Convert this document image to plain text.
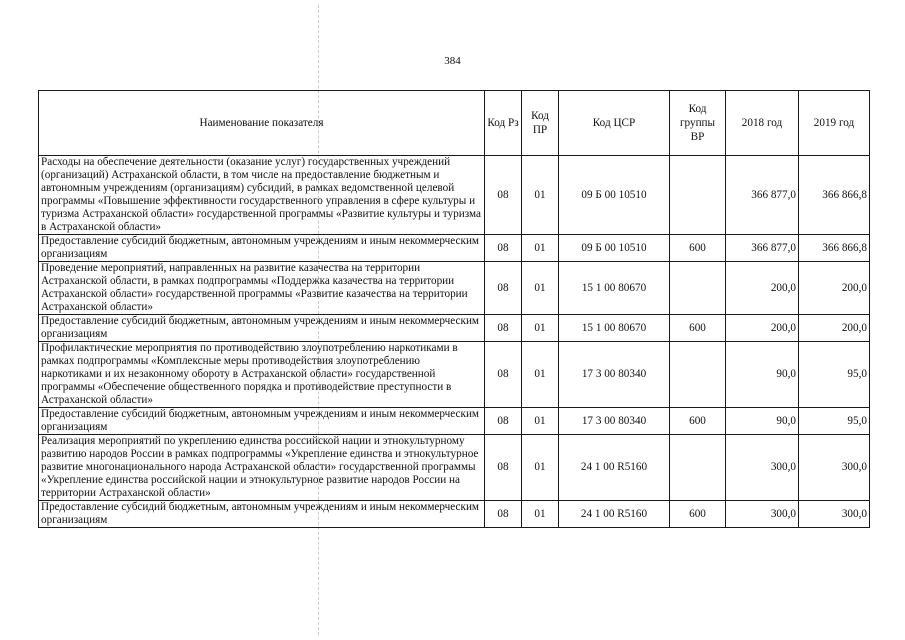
384
Наименование показателя	Код Рз	Код ПР	Код ЦСР	Код группы ВР	2018 год	2019 год
Расходы на обеспечение деятельности (оказание услуг) государственных учреждений (организаций) Астраханской области, в том числе на предоставление бюджетным и автономным учреждениям (организациям) субсидий, в рамках ведомственной целевой программы «Повышение эффективности государственного управления в сфере культуры и туризма Астраханской области» государственной программы «Развитие культуры и туризма в Астраханской области»	08	01	09 Б 00 10510		366 877,0	366 866,8
Предоставление субсидий бюджетным, автономным учреждениям и иным некоммерческим организациям	08	01	09 Б 00 10510	600	366 877,0	366 866,8
Проведение мероприятий, направленных на развитие казачества на территории Астраханской области, в рамках подпрограммы «Поддержка казачества на территории Астраханской области» государственной программы «Развитие казачества на территории Астраханской области»	08	01	15 1 00 80670		200,0	200,0
Предоставление субсидий бюджетным, автономным учреждениям и иным некоммерческим организациям	08	01	15 1 00 80670	600	200,0	200,0
Профилактические мероприятия по противодействию злоупотреблению наркотиками в рамках подпрограммы «Комплексные меры противодействия злоупотреблению наркотиками и их незаконному обороту в Астраханской области» государственной программы «Обеспечение общественного порядка и противодействие преступности в Астраханской области»	08	01	17 3 00 80340		90,0	95,0
Предоставление субсидий бюджетным, автономным учреждениям и иным некоммерческим организациям	08	01	17 3 00 80340	600	90,0	95,0
Реализация мероприятий по укреплению единства российской нации и этнокультурному развитию народов России в рамках подпрограммы «Укрепление единства и этнокультурное развитие многонационального народа Астраханской области» государственной программы «Укрепление единства российской нации и этнокультурное развитие народов России на территории Астраханской области»	08	01	24 1 00 R5160		300,0	300,0
Предоставление субсидий бюджетным, автономным учреждениям и иным некоммерческим организациям	08	01	24 1 00 R5160	600	300,0	300,0
